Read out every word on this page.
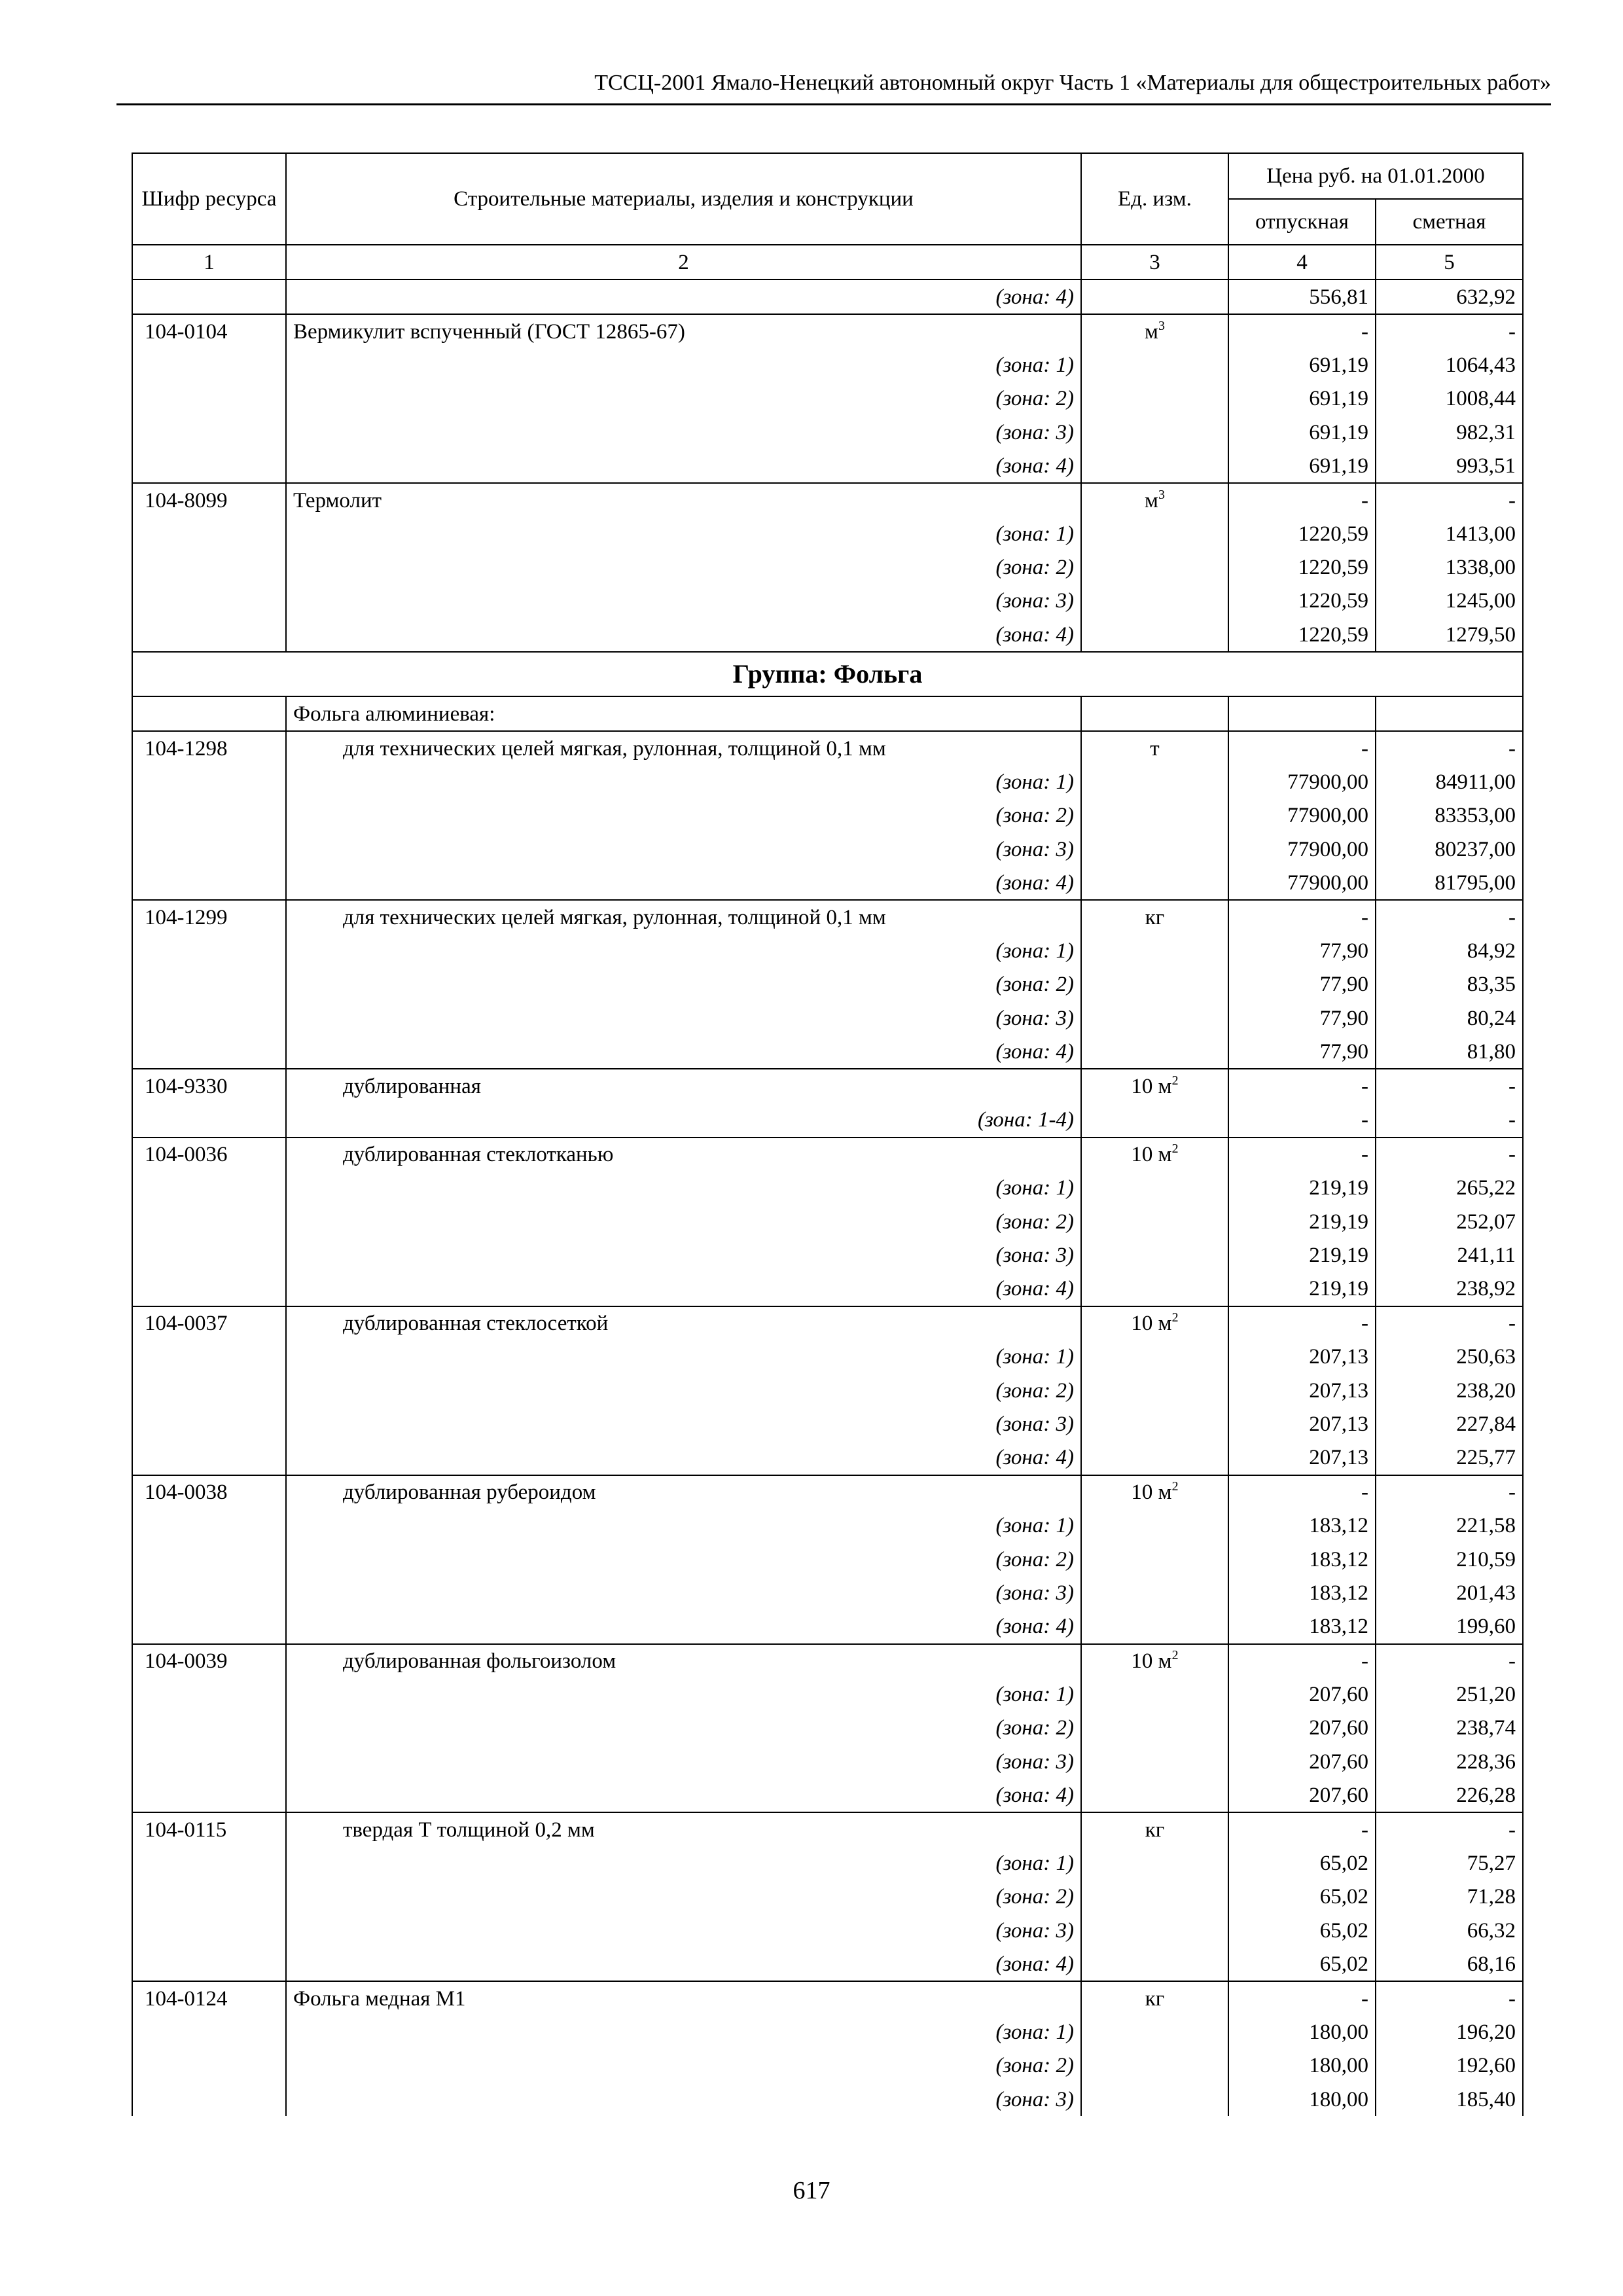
ТССЦ-2001 Ямало-Ненецкий автономный округ Часть 1 «Материалы для общестроительных работ»
Шифр ресурса	Строительные материалы, изделия и конструкции	Ед. изм.	Цена руб. на 01.01.2000	
			отпускная	сметная
1	2	3	4	5
	(зона: 4)		556,81	632,92
104-0104	Вермикулит вспученный (ГОСТ 12865-67)	$м^3$	-	-
	(зона: 1)		691,19	1064,43
	(зона: 2)		691,19	1008,44
	(зона: 3)		691,19	982,31
	(зона: 4)		691,19	993,51
104-8099	Термолит	$м^3$	-	-
	(зона: 1)		1220,59	1413,00
	(зона: 2)		1220,59	1338,00
	(зона: 3)		1220,59	1245,00
	(зона: 4)		1220,59	1279,50
Группа: Фольга				
	Фольга алюминиевая:			
104-1298	для технических целей мягкая, рулонная, толщиной 0,1 мм	т	-	-
	(зона: 1)		77900,00	84911,00
	(зона: 2)		77900,00	83353,00
	(зона: 3)		77900,00	80237,00
	(зона: 4)		77900,00	81795,00
104-1299	для технических целей мягкая, рулонная, толщиной 0,1 мм	кг	-	-
	(зона: 1)		77,90	84,92
	(зона: 2)		77,90	83,35
	(зона: 3)		77,90	80,24
	(зона: 4)		77,90	81,80
104-9330	дублированная	10 $м^2$	-	-
	(зона: 1-4)		-	-
104-0036	дублированная стеклотканью	10 $м^2$	-	-
	(зона: 1)		219,19	265,22
	(зона: 2)		219,19	252,07
	(зона: 3)		219,19	241,11
	(зона: 4)		219,19	238,92
104-0037	дублированная стеклосеткой	10 $м^2$	-	-
	(зона: 1)		207,13	250,63
	(зона: 2)		207,13	238,20
	(зона: 3)		207,13	227,84
	(зона: 4)		207,13	225,77
104-0038	дублированная рубероидом	10 $м^2$	-	-
	(зона: 1)		183,12	221,58
	(зона: 2)		183,12	210,59
	(зона: 3)		183,12	201,43
	(зона: 4)		183,12	199,60
104-0039	дублированная фольгоизолом	10 $м^2$	-	-
	(зона: 1)		207,60	251,20
	(зона: 2)		207,60	238,74
	(зона: 3)		207,60	228,36
	(зона: 4)		207,60	226,28
104-0115	твердая Т толщиной 0,2 мм	кг	-	-
	(зона: 1)		65,02	75,27
	(зона: 2)		65,02	71,28
	(зона: 3)		65,02	66,32
	(зона: 4)		65,02	68,16
104-0124	Фольга медная М1	кг	-	-
	(зона: 1)		180,00	196,20
	(зона: 2)		180,00	192,60
	(зона: 3)		180,00	185,40
617
